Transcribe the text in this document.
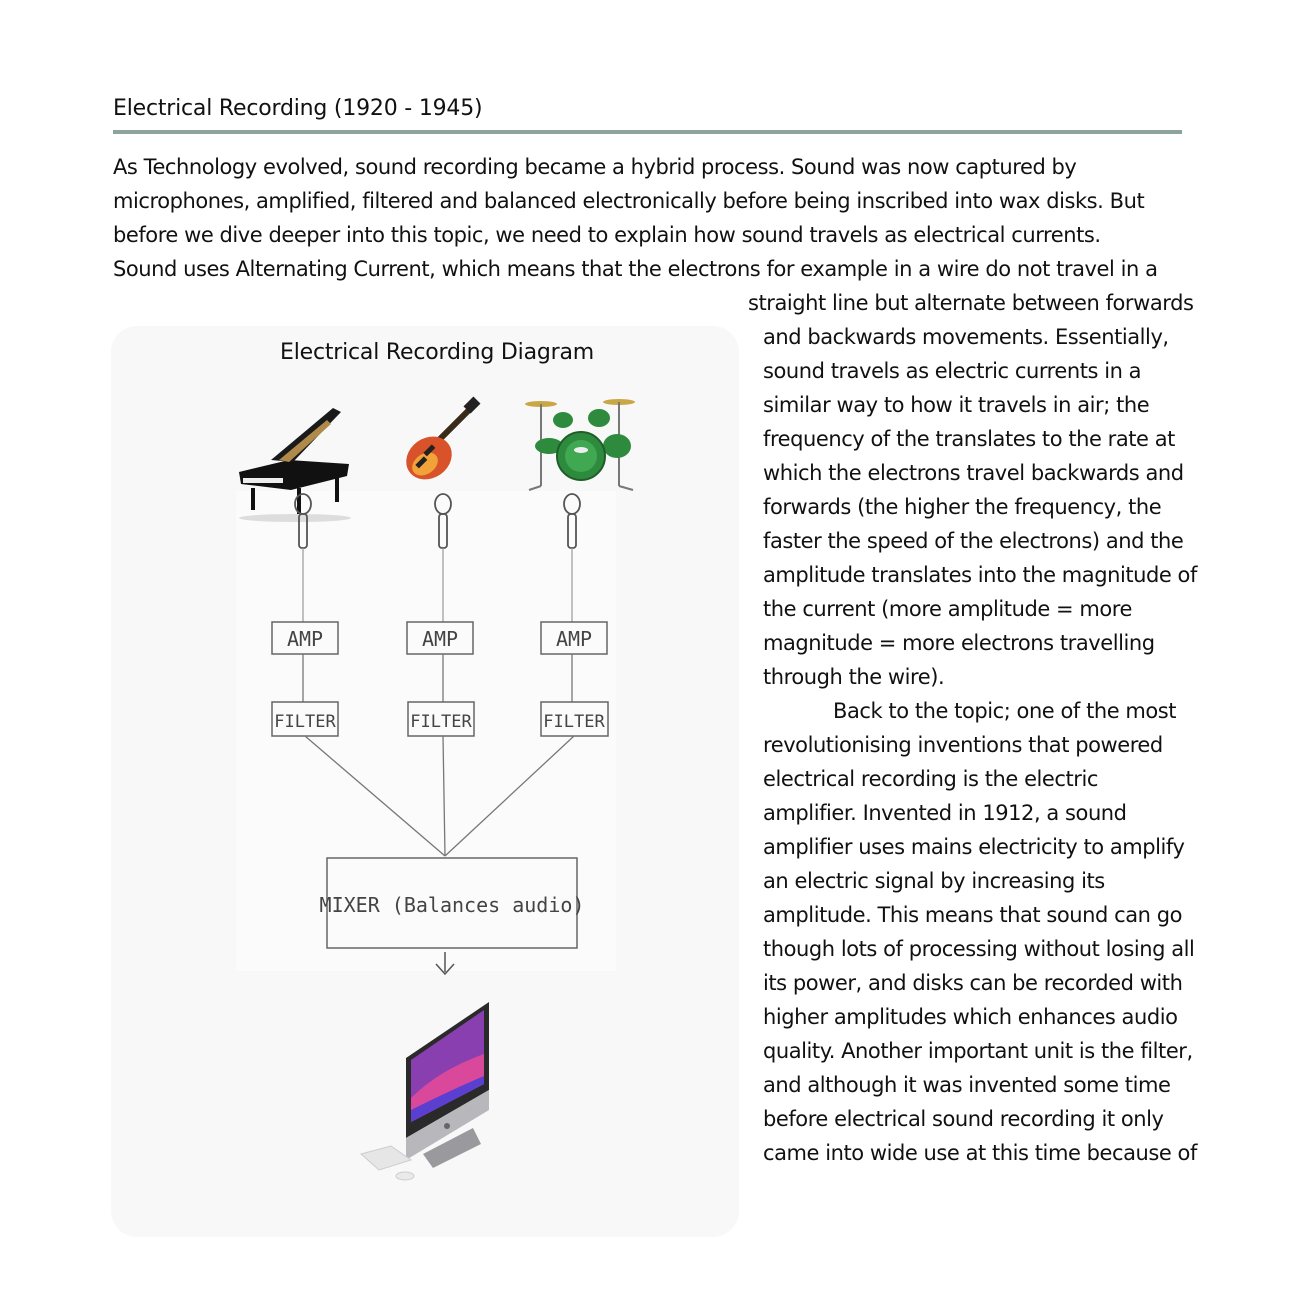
Electrical Recording (1920 - 1945)

As Technology evolved, sound recording became a hybrid process. Sound was now captured by

microphones, amplified, filtered and balanced electronically before being inscribed into wax disks. But

before we dive deeper into this topic, we need to explain how sound travels as electrical currents.

Sound uses Alternating Current, which means that the electrons for example in a wire do not travel in a

straight line but alternate between forwards

and backwards movements. Essentially,

sound travels as electric currents in a

similar way to how it travels in air; the

frequency of the translates to the rate at

which the electrons travel backwards and

forwards (the higher the frequency, the

faster the speed of the electrons) and the

amplitude translates into the magnitude of

the current (more amplitude = more

magnitude = more electrons travelling

through the wire).

Back to the topic; one of the most

revolutionising inventions that powered

electrical recording is the electric

amplifier. Invented in 1912, a sound

amplifier uses mains electricity to amplify

an electric signal by increasing its

amplitude. This means that sound can go

though lots of processing without losing all

its power, and disks can be recorded with

higher amplitudes which enhances audio

quality. Another important unit is the filter,

and although it was invented some time

before electrical sound recording it only

came into wide use at this time because of

Electrical Recording Diagram
AMP	AMP	AMP
FILTER	FILTER	FILTER
MIXER (Balances audio)
